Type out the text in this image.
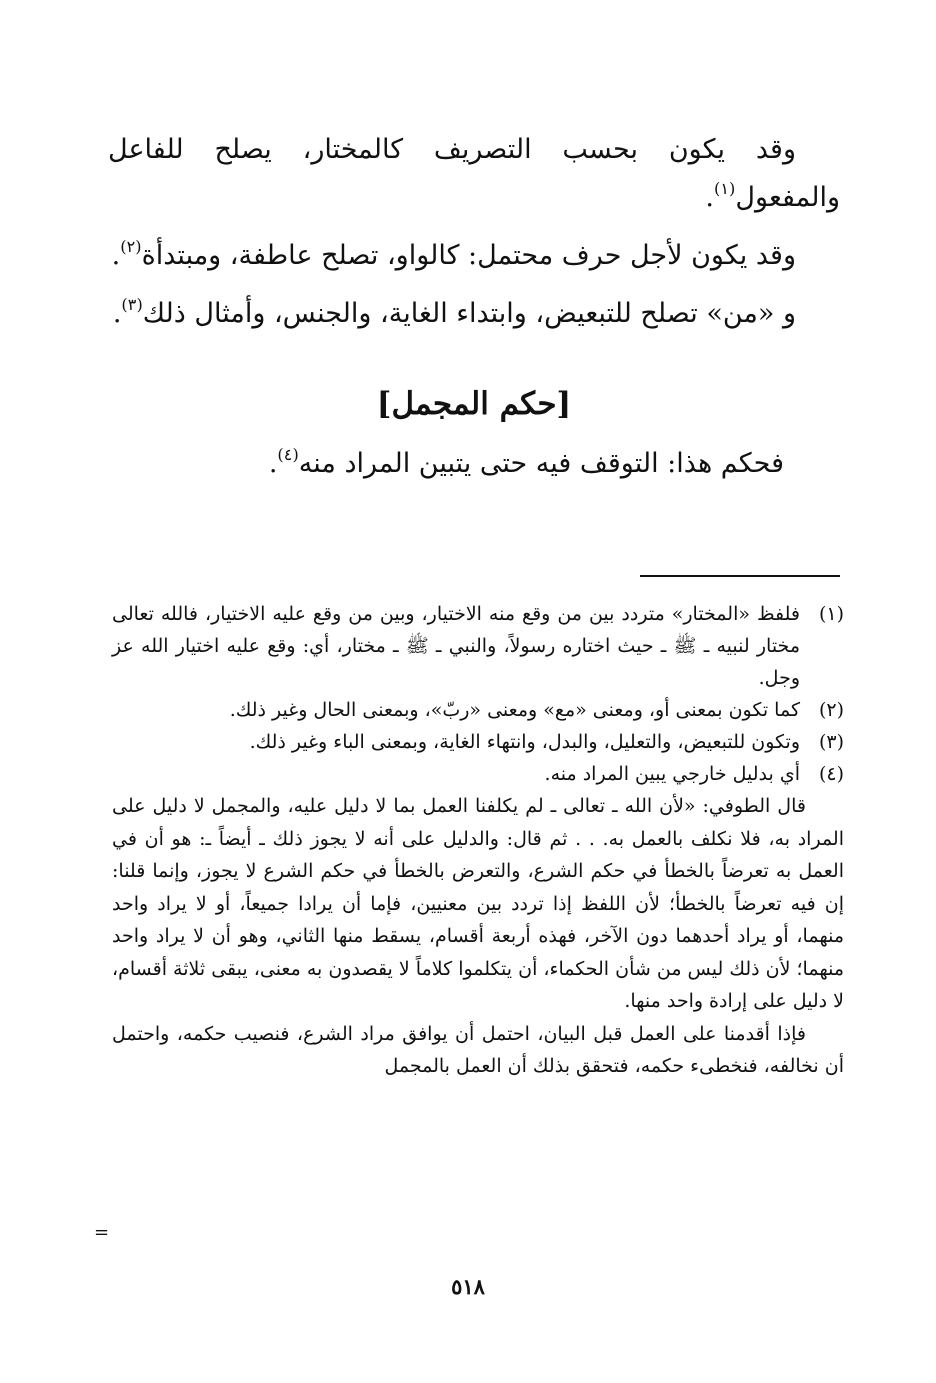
وقد يكون بحسب التصريف كالمختار، يصلح للفاعل والمفعول$^{(١)}$.

وقد يكون لأجل حرف محتمل: كالواو، تصلح عاطفة، ومبتدأة$^{(٢)}$.

و «من» تصلح للتبعيض، وابتداء الغاية، والجنس، وأمثال ذلك$^{(٣)}$.

[حكم المجمل]

فحكم هذا: التوقف فيه حتى يتبين المراد منه$^{(٤)}$.

(١)
فلفظ «المختار» متردد بين من وقع منه الاختيار، وبين من وقع عليه الاختيار، فالله تعالى مختار لنبيه ـ ﷺ ـ حيث اختاره رسولاً، والنبي ـ ﷺ ـ مختار، أي: وقع عليه اختيار الله عز وجل.
(٢)
كما تكون بمعنى أو، ومعنى «مع» ومعنى «ربّ»، وبمعنى الحال وغير ذلك.
(٣)
وتكون للتبعيض، والتعليل، والبدل، وانتهاء الغاية، وبمعنى الباء وغير ذلك.
(٤)
أي بدليل خارجي يبين المراد منه.

قال الطوفي: «لأن الله ـ تعالى ـ لم يكلفنا العمل بما لا دليل عليه، والمجمل لا دليل على المراد به، فلا نكلف بالعمل به. . . ثم قال: والدليل على أنه لا يجوز ذلك ـ أيضاً ـ: هو أن في العمل به تعرضاً بالخطأ في حكم الشرع، والتعرض بالخطأ في حكم الشرع لا يجوز، وإنما قلنا: إن فيه تعرضاً بالخطأ؛ لأن اللفظ إذا تردد بين معنيين، فإما أن يرادا جميعاً، أو لا يراد واحد منهما، أو يراد أحدهما دون الآخر، فهذه أربعة أقسام، يسقط منها الثاني، وهو أن لا يراد واحد منهما؛ لأن ذلك ليس من شأن الحكماء، أن يتكلموا كلاماً لا يقصدون به معنى، يبقى ثلاثة أقسام، لا دليل على إرادة واحد منها.

فإذا أقدمنا على العمل قبل البيان، احتمل أن يوافق مراد الشرع، فنصيب حكمه، واحتمل أن نخالفه، فنخطىء حكمه، فتحقق بذلك أن العمل بالمجمل

=
٥١٨
